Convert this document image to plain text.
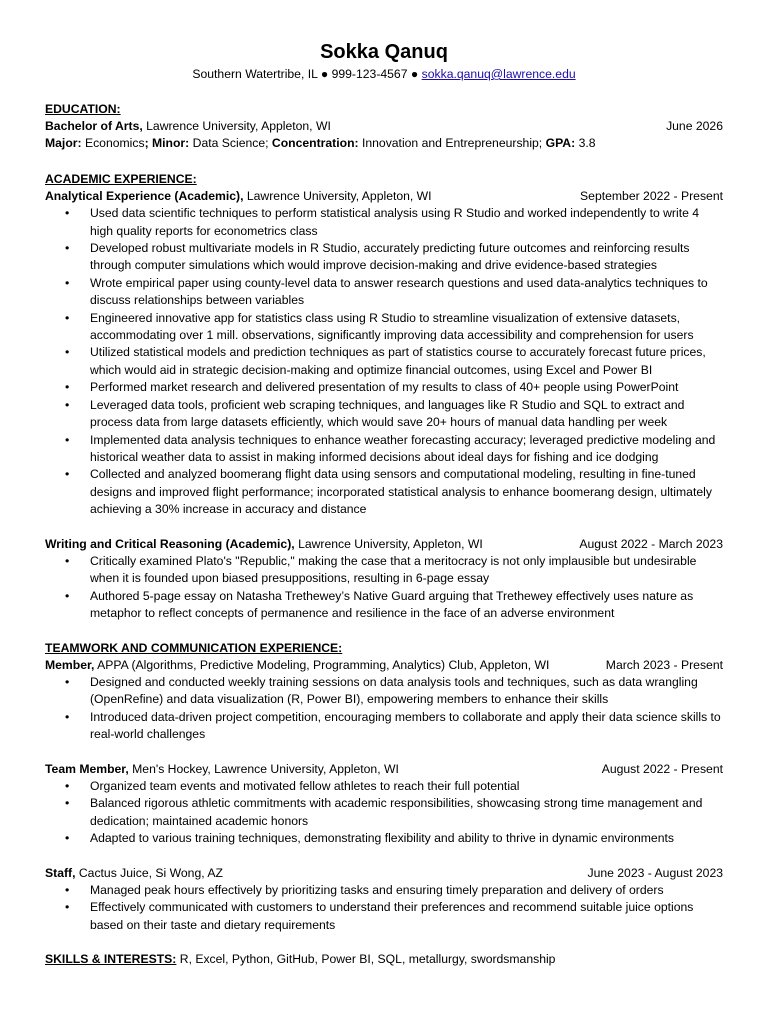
Sokka Qanuq
Southern Watertribe, IL ● 999-123-4567 ● sokka.qanuq@lawrence.edu
EDUCATION:
Bachelor of Arts, Lawrence University, Appleton, WI	June 2026
Major: Economics; Minor: Data Science; Concentration: Innovation and Entrepreneurship; GPA: 3.8
ACADEMIC EXPERIENCE:
Analytical Experience (Academic), Lawrence University, Appleton, WI	September 2022 - Present
• Used data scientific techniques to perform statistical analysis using R Studio and worked independently to write 4 high quality reports for econometrics class
• Developed robust multivariate models in R Studio, accurately predicting future outcomes and reinforcing results through computer simulations which would improve decision-making and drive evidence-based strategies
• Wrote empirical paper using county-level data to answer research questions and used data-analytics techniques to discuss relationships between variables
• Engineered innovative app for statistics class using R Studio to streamline visualization of extensive datasets, accommodating over 1 mill. observations, significantly improving data accessibility and comprehension for users
• Utilized statistical models and prediction techniques as part of statistics course to accurately forecast future prices, which would aid in strategic decision-making and optimize financial outcomes, using Excel and Power BI
• Performed market research and delivered presentation of my results to class of 40+ people using PowerPoint
• Leveraged data tools, proficient web scraping techniques, and languages like R Studio and SQL to extract and process data from large datasets efficiently, which would save 20+ hours of manual data handling per week
• Implemented data analysis techniques to enhance weather forecasting accuracy; leveraged predictive modeling and historical weather data to assist in making informed decisions about ideal days for fishing and ice dodging
• Collected and analyzed boomerang flight data using sensors and computational modeling, resulting in fine-tuned designs and improved flight performance; incorporated statistical analysis to enhance boomerang design, ultimately achieving a 30% increase in accuracy and distance
Writing and Critical Reasoning (Academic), Lawrence University, Appleton, WI	August 2022 - March 2023
• Critically examined Plato's "Republic," making the case that a meritocracy is not only implausible but undesirable when it is founded upon biased presuppositions, resulting in 6-page essay
• Authored 5-page essay on Natasha Trethewey’s Native Guard arguing that Trethewey effectively uses nature as metaphor to reflect concepts of permanence and resilience in the face of an adverse environment
TEAMWORK AND COMMUNICATION EXPERIENCE:
Member, APPA (Algorithms, Predictive Modeling, Programming, Analytics) Club, Appleton, WI	March 2023 - Present
• Designed and conducted weekly training sessions on data analysis tools and techniques, such as data wrangling (OpenRefine) and data visualization (R, Power BI), empowering members to enhance their skills
• Introduced data-driven project competition, encouraging members to collaborate and apply their data science skills to real-world challenges
Team Member, Men's Hockey, Lawrence University, Appleton, WI	August 2022 - Present
• Organized team events and motivated fellow athletes to reach their full potential
• Balanced rigorous athletic commitments with academic responsibilities, showcasing strong time management and dedication; maintained academic honors
• Adapted to various training techniques, demonstrating flexibility and ability to thrive in dynamic environments
Staff, Cactus Juice, Si Wong, AZ	June 2023 - August 2023
• Managed peak hours effectively by prioritizing tasks and ensuring timely preparation and delivery of orders
• Effectively communicated with customers to understand their preferences and recommend suitable juice options based on their taste and dietary requirements
SKILLS & INTERESTS: R, Excel, Python, GitHub, Power BI, SQL, metallurgy, swordsmanship
